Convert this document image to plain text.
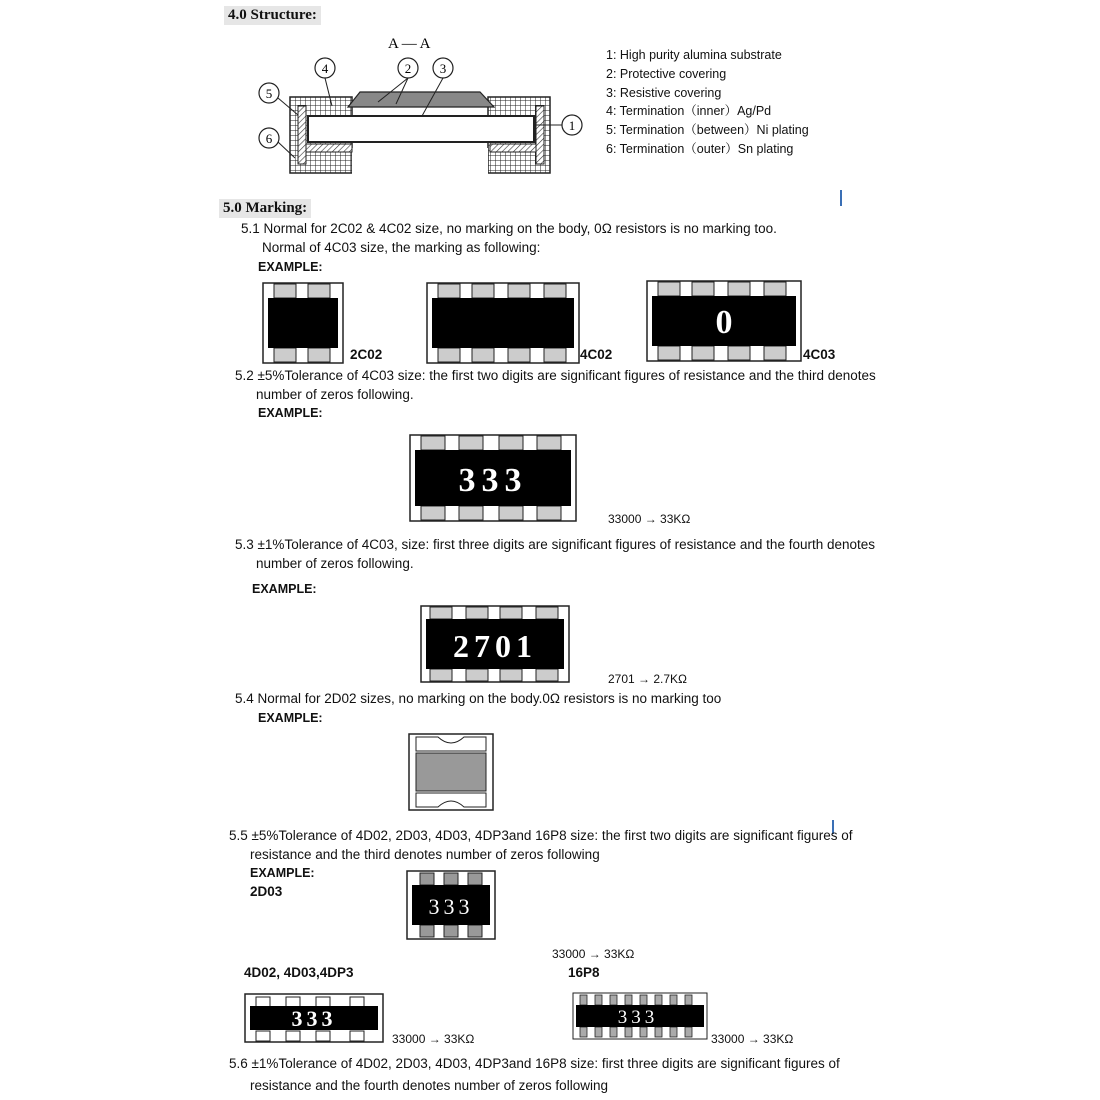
4.0 Structure:
A — A
4	2 3
5
6
1
1: High purity alumina substrate
2: Protective covering
3: Resistive covering
4: Termination（inner）Ag/Pd
5: Termination（between）Ni plating
6: Termination（outer）Sn plating
5.0 Marking:
5.1 Normal for 2C02 & 4C02 size, no marking on the body, 0Ω resistors is no marking too.
Normal of 4C03 size, the marking as following:
EXAMPLE:
2C02	4C02
0
4C03
5.2 ±5%Tolerance of 4C03 size: the first two digits are significant figures of resistance and the third denotes
number of zeros following.
EXAMPLE:
333
33000 → 33KΩ
5.3 ±1%Tolerance of 4C03, size: first three digits are significant figures of resistance and the fourth denotes
number of zeros following.
EXAMPLE:
2701
2701 → 2.7KΩ
5.4 Normal for 2D02 sizes, no marking on the body.0Ω resistors is no marking too
EXAMPLE:
5.5 ±5%Tolerance of 4D02, 2D03, 4D03, 4DP3and 16P8 size: the first two digits are significant figures of
resistance and the third denotes number of zeros following
EXAMPLE:
2D03
333
33000 → 33KΩ
4D02, 4D03,4DP3	16P8
333
33000 → 33KΩ
333
33000 → 33KΩ
5.6 ±1%Tolerance of 4D02, 2D03, 4D03, 4DP3and 16P8 size: first three digits are significant figures of
resistance and the fourth denotes number of zeros following
